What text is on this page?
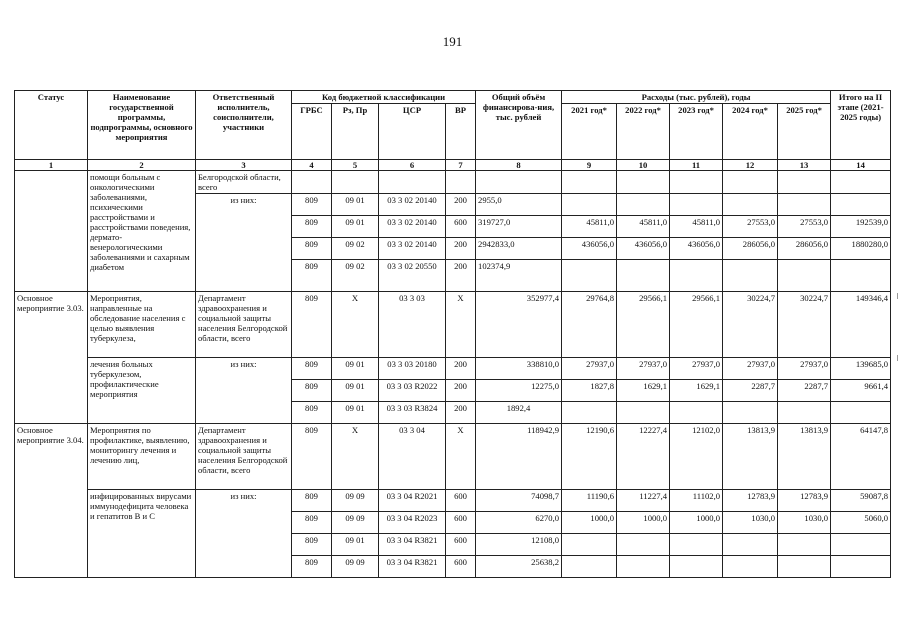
191
Статус	Наименование государственной программы, подпрограммы, основного мероприятия	Ответственный исполнитель, соисполнители, участники	Код бюджетной классификации				Общий объём финансирова-ния, тыс. рублей	Расходы (тыс. рублей), годы					Итого на II этапе (2021-2025 годы)
			ГРБС	Рз, Пр	ЦСР	ВР		2021 год*	2022 год*	2023 год*	2024 год*	2025 год*	
1	2	3	4	5	6	7	8	9	10	11	12	13	14
	помощи больным с онкологическими заболеваниями, психическими расстройствами и расстройствами поведения, дермато-венерологическими заболеваниями и сахарным диабетом	Белгородской области, всего											
		из них:	809	09 01	03 3 02 20140	200	2955,0						
			809	09 01	03 3 02 20140	600	319727,0	45811,0	45811,0	45811,0	27553,0	27553,0	192539,0
			809	09 02	03 3 02 20140	200	2942833,0	436056,0	436056,0	436056,0	286056,0	286056,0	1880280,0
			809	09 02	03 3 02 20550	200	102374,9						
Основное мероприятие 3.03.	Мероприятия, направленные на обследование населения с целью выявления туберкулеза,	Департамент здравоохранения и социальной защиты населения Белгородской области, всего	809	Х	03 3 03	Х	352977,4	29764,8	29566,1	29566,1	30224,7	30224,7	149346,4
	лечения больных туберкулезом, профилактические мероприятия	из них:	809	09 01	03 3 03 20180	200	338810,0	27937,0	27937,0	27937,0	27937,0	27937,0	139685,0
			809	09 01	03 3 03 R2022	200	12275,0	1827,8	1629,1	1629,1	2287,7	2287,7	9661,4
			809	09 01	03 3 03 R3824	200	1892,4						
Основное мероприятие 3.04.	Мероприятия по профилактике, выявлению, мониторингу лечения и лечению лиц,	Департамент здравоохранения и социальной защиты населения Белгородской области, всего	809	Х	03 3 04	Х	118942,9	12190,6	12227,4	12102,0	13813,9	13813,9	64147,8
	инфицированных вирусами иммунодефицита человека и гепатитов В и С	из них:	809	09 09	03 3 04 R2021	600	74098,7	11190,6	11227,4	11102,0	12783,9	12783,9	59087,8
			809	09 09	03 3 04 R2023	600	6270,0	1000,0	1000,0	1000,0	1030,0	1030,0	5060,0
			809	09 01	03 3 04 R3821	600	12108,0						
			809	09 09	03 3 04 R3821	600	25638,2						
